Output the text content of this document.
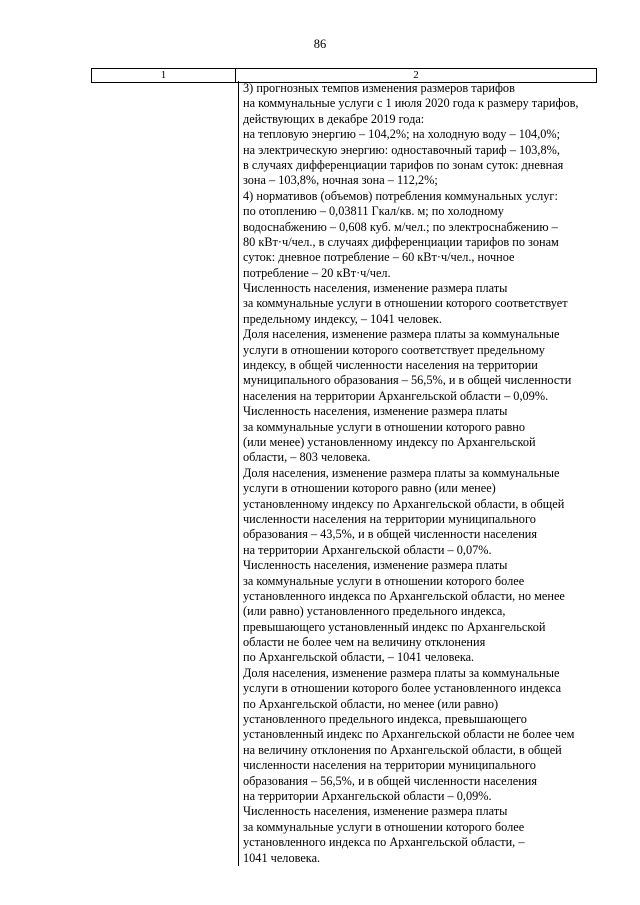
86
1	2
3) прогнозных темпов изменения размеров тарифов
на коммунальные услуги с 1 июля 2020 года к размеру тарифов,
действующих в декабре 2019 года:
на тепловую энергию – 104,2%; на холодную воду – 104,0%;
на электрическую энергию: одноставочный тариф – 103,8%,
в случаях дифференциации тарифов по зонам суток: дневная
зона – 103,8%, ночная зона – 112,2%;
4) нормативов (объемов) потребления коммунальных услуг:
по отоплению – 0,03811 Гкал/кв. м; по холодному
водоснабжению – 0,608 куб. м/чел.; по электроснабжению –
80 кВт·ч/чел., в случаях дифференциации тарифов по зонам
суток: дневное потребление – 60 кВт·ч/чел., ночное
потребление – 20 кВт·ч/чел.
Численность населения, изменение размера платы
за коммунальные услуги в отношении которого соответствует
предельному индексу, – 1041 человек.
Доля населения, изменение размера платы за коммунальные
услуги в отношении которого соответствует предельному
индексу, в общей численности населения на территории
муниципального образования – 56,5%, и в общей численности
населения на территории Архангельской области – 0,09%.
Численность населения, изменение размера платы
за коммунальные услуги в отношении которого равно
(или менее) установленному индексу по Архангельской
области, – 803 человека.
Доля населения, изменение размера платы за коммунальные
услуги в отношении которого равно (или менее)
установленному индексу по Архангельской области, в общей
численности населения на территории муниципального
образования – 43,5%, и в общей численности населения
на территории Архангельской области – 0,07%.
Численность населения, изменение размера платы
за коммунальные услуги в отношении которого более
установленного индекса по Архангельской области, но менее
(или равно) установленного предельного индекса,
превышающего установленный индекс по Архангельской
области не более чем на величину отклонения
по Архангельской области, – 1041 человека.
Доля населения, изменение размера платы за коммунальные
услуги в отношении которого более установленного индекса
по Архангельской области, но менее (или равно)
установленного предельного индекса, превышающего
установленный индекс по Архангельской области не более чем
на величину отклонения по Архангельской области, в общей
численности населения на территории муниципального
образования – 56,5%, и в общей численности населения
на территории Архангельской области – 0,09%.
Численность населения, изменение размера платы
за коммунальные услуги в отношении которого более
установленного индекса по Архангельской области, –
1041 человека.
